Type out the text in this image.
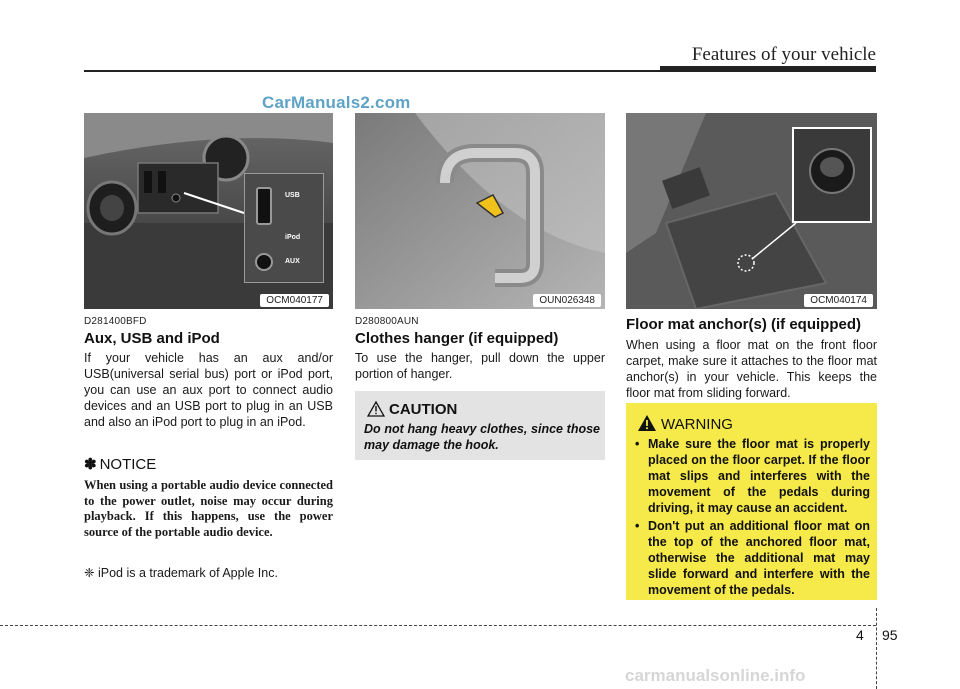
Features of your vehicle
CarManuals2.com
USB
iPod
AUX
OCM040177	OUN026348	OCM040174
D281400BFD
Aux, USB and iPod
If your vehicle has an aux and/or USB(universal serial bus) port or iPod port, you can use an aux port to connect audio devices and an USB port to plug in an USB and also an iPod port to plug in an iPod.
✽ NOTICE
When using a portable audio device connected to the power outlet, noise may occur during playback. If this happens, use the power source of the portable audio device.
❈ iPod is a trademark of Apple Inc.
D280800AUN
Clothes hanger (if equipped)
To use the hanger, pull down the upper portion of hanger.
CAUTION
Do not hang heavy clothes, since those may damage the hook.
Floor mat anchor(s) (if equipped)
When using a floor mat on the front floor carpet, make sure it attaches to the floor mat anchor(s) in your vehicle. This keeps the floor mat from sliding forward.
WARNING
• Make sure the floor mat is properly placed on the floor carpet. If the floor mat slips and interferes with the movement of the pedals during driving, it may cause an accident.
• Don't put an additional floor mat on the top of the anchored floor mat, otherwise the additional mat may slide forward and interfere with the movement of the pedals.
4 95
carmanualsonline.info
